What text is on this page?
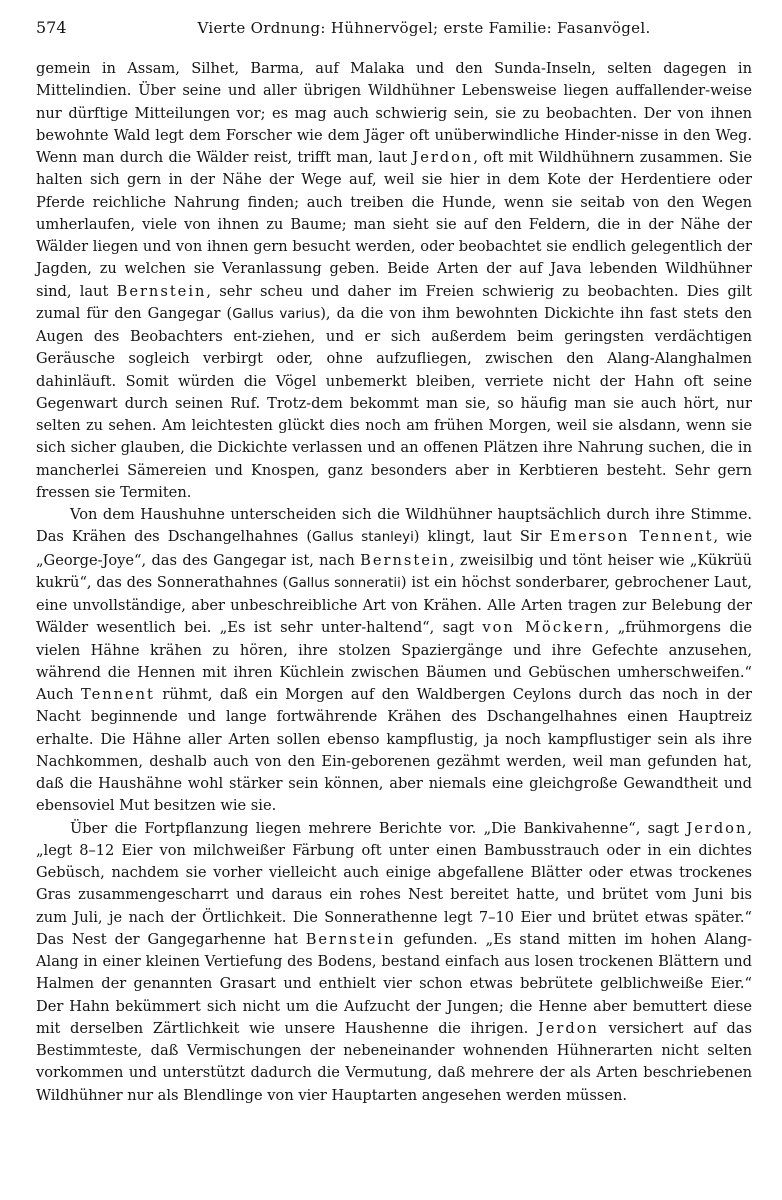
574	Vierte Ordnung: Hühnervögel; erste Familie: Fasanvögel.

gemein in Assam, Silhet, Barma, auf Malaka und den Sunda-Inseln, selten dagegen in Mittelindien. Über seine und aller übrigen Wildhühner Lebensweise liegen auffallender-weise nur dürftige Mitteilungen vor; es mag auch schwierig sein, sie zu beobachten. Der von ihnen bewohnte Wald legt dem Forscher wie dem Jäger oft unüberwindliche Hinder-nisse in den Weg. Wenn man durch die Wälder reist, trifft man, laut Jerdon, oft mit Wildhühnern zusammen. Sie halten sich gern in der Nähe der Wege auf, weil sie hier in dem Kote der Herdentiere oder Pferde reichliche Nahrung finden; auch treiben die Hunde, wenn sie seitab von den Wegen umherlaufen, viele von ihnen zu Baume; man sieht sie auf den Feldern, die in der Nähe der Wälder liegen und von ihnen gern besucht werden, oder beobachtet sie endlich gelegentlich der Jagden, zu welchen sie Veranlassung geben. Beide Arten der auf Java lebenden Wildhühner sind, laut Bernstein, sehr scheu und daher im Freien schwierig zu beobachten. Dies gilt zumal für den Gangegar (Gallus varius), da die von ihm bewohnten Dickichte ihn fast stets den Augen des Beobachters ent-ziehen, und er sich außerdem beim geringsten verdächtigen Geräusche sogleich verbirgt oder, ohne aufzufliegen, zwischen den Alang-Alanghalmen dahinläuft. Somit würden die Vögel unbemerkt bleiben, verriete nicht der Hahn oft seine Gegenwart durch seinen Ruf. Trotz-dem bekommt man sie, so häufig man sie auch hört, nur selten zu sehen. Am leichtesten glückt dies noch am frühen Morgen, weil sie alsdann, wenn sie sich sicher glauben, die Dickichte verlassen und an offenen Plätzen ihre Nahrung suchen, die in mancherlei Sämereien und Knospen, ganz besonders aber in Kerbtieren besteht. Sehr gern fressen sie Termiten.

Von dem Haushuhne unterscheiden sich die Wildhühner hauptsächlich durch ihre Stimme. Das Krähen des Dschangelhahnes (Gallus stanleyi) klingt, laut Sir Emerson Tennent, wie „George-Joye“, das des Gangegar ist, nach Bernstein, zweisilbig und tönt heiser wie „Kükrüü kukrü“, das des Sonnerathahnes (Gallus sonneratii) ist ein höchst sonderbarer, gebrochener Laut, eine unvollständige, aber unbeschreibliche Art von Krähen. Alle Arten tragen zur Belebung der Wälder wesentlich bei. „Es ist sehr unter-haltend“, sagt von Möckern, „frühmorgens die vielen Hähne krähen zu hören, ihre stolzen Spaziergänge und ihre Gefechte anzusehen, während die Hennen mit ihren Küchlein zwischen Bäumen und Gebüschen umherschweifen.“ Auch Tennent rühmt, daß ein Morgen auf den Waldbergen Ceylons durch das noch in der Nacht beginnende und lange fortwährende Krähen des Dschangelhahnes einen Hauptreiz erhalte. Die Hähne aller Arten sollen ebenso kampflustig, ja noch kampflustiger sein als ihre Nachkommen, deshalb auch von den Ein-geborenen gezähmt werden, weil man gefunden hat, daß die Haushähne wohl stärker sein können, aber niemals eine gleichgroße Gewandtheit und ebensoviel Mut besitzen wie sie.

Über die Fortpflanzung liegen mehrere Berichte vor. „Die Bankivahenne“, sagt Jerdon, „legt 8–12 Eier von milchweißer Färbung oft unter einen Bambusstrauch oder in ein dichtes Gebüsch, nachdem sie vorher vielleicht auch einige abgefallene Blätter oder etwas trockenes Gras zusammengescharrt und daraus ein rohes Nest bereitet hatte, und brütet vom Juni bis zum Juli, je nach der Örtlichkeit. Die Sonnerathenne legt 7–10 Eier und brütet etwas später.“ Das Nest der Gangegarhenne hat Bernstein gefunden. „Es stand mitten im hohen Alang-Alang in einer kleinen Vertiefung des Bodens, bestand einfach aus losen trockenen Blättern und Halmen der genannten Grasart und enthielt vier schon etwas bebrütete gelblichweiße Eier.“ Der Hahn bekümmert sich nicht um die Aufzucht der Jungen; die Henne aber bemuttert diese mit derselben Zärtlichkeit wie unsere Haushenne die ihrigen. Jerdon versichert auf das Bestimmteste, daß Vermischungen der nebeneinander wohnenden Hühnerarten nicht selten vorkommen und unterstützt dadurch die Vermutung, daß mehrere der als Arten beschriebenen Wildhühner nur als Blendlinge von vier Hauptarten angesehen werden müssen.
